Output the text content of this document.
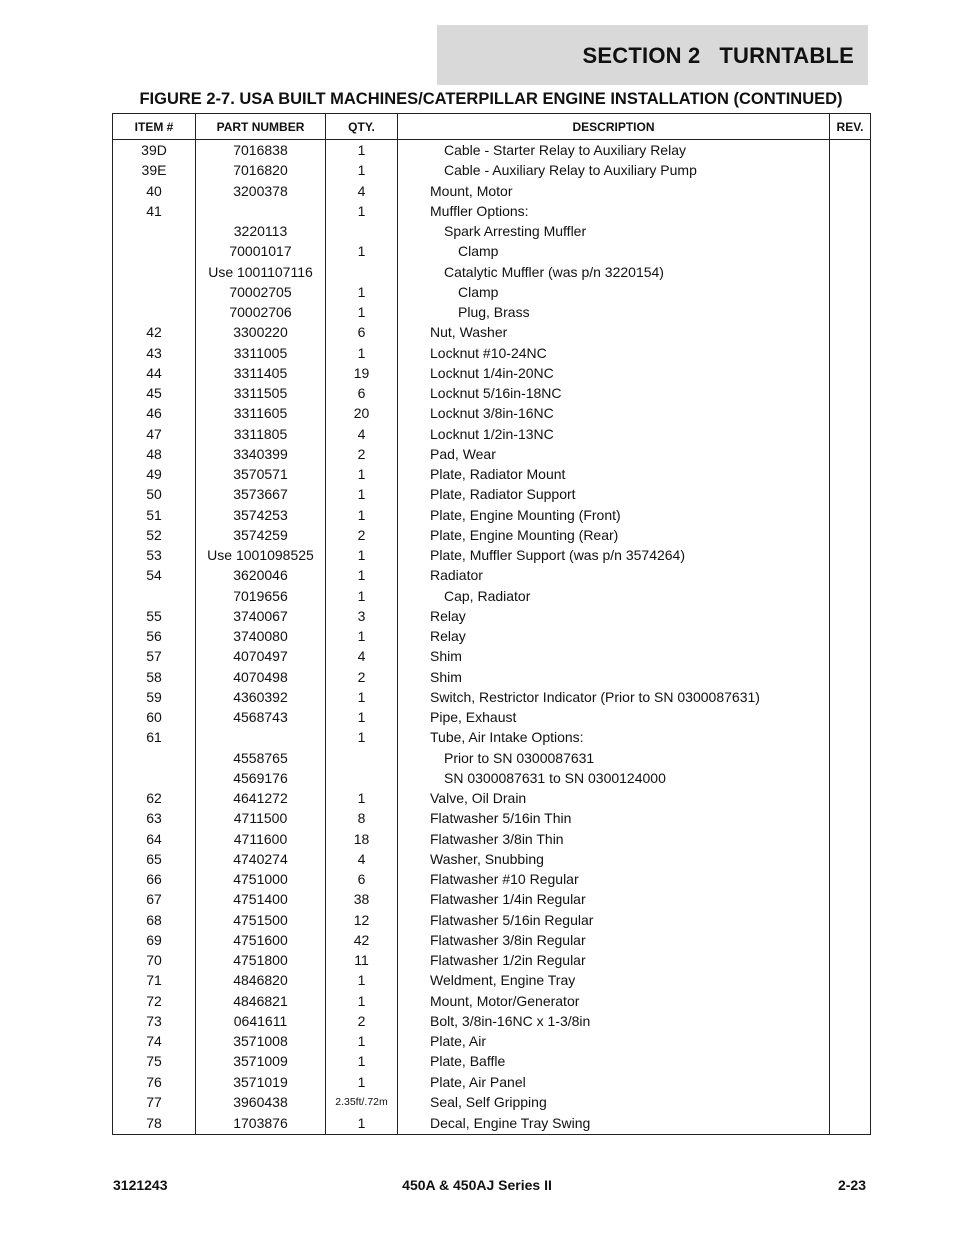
SECTION 2   TURNTABLE
FIGURE 2-7. USA BUILT MACHINES/CATERPILLAR ENGINE INSTALLATION (CONTINUED)
ITEM #	PART NUMBER	QTY.	DESCRIPTION	REV.
39D	7016838	1	Cable - Starter Relay to Auxiliary Relay	
39E	7016820	1	Cable - Auxiliary Relay to Auxiliary Pump	
40	3200378	4	Mount, Motor	
41		1	Muffler Options:	
	3220113		Spark Arresting Muffler	
	70001017	1	Clamp	
	Use 1001107116		Catalytic Muffler (was p/n 3220154)	
	70002705	1	Clamp	
	70002706	1	Plug, Brass	
42	3300220	6	Nut, Washer	
43	3311005	1	Locknut #10-24NC	
44	3311405	19	Locknut 1/4in-20NC	
45	3311505	6	Locknut 5/16in-18NC	
46	3311605	20	Locknut 3/8in-16NC	
47	3311805	4	Locknut 1/2in-13NC	
48	3340399	2	Pad, Wear	
49	3570571	1	Plate, Radiator Mount	
50	3573667	1	Plate, Radiator Support	
51	3574253	1	Plate, Engine Mounting (Front)	
52	3574259	2	Plate, Engine Mounting (Rear)	
53	Use 1001098525	1	Plate, Muffler Support (was p/n 3574264)	
54	3620046	1	Radiator	
	7019656	1	Cap, Radiator	
55	3740067	3	Relay	
56	3740080	1	Relay	
57	4070497	4	Shim	
58	4070498	2	Shim	
59	4360392	1	Switch, Restrictor Indicator (Prior to SN 0300087631)	
60	4568743	1	Pipe, Exhaust	
61		1	Tube, Air Intake Options:	
	4558765		Prior to SN 0300087631	
	4569176		SN 0300087631 to SN 0300124000	
62	4641272	1	Valve, Oil Drain	
63	4711500	8	Flatwasher 5/16in Thin	
64	4711600	18	Flatwasher 3/8in Thin	
65	4740274	4	Washer, Snubbing	
66	4751000	6	Flatwasher #10 Regular	
67	4751400	38	Flatwasher 1/4in Regular	
68	4751500	12	Flatwasher 5/16in Regular	
69	4751600	42	Flatwasher 3/8in Regular	
70	4751800	11	Flatwasher 1/2in Regular	
71	4846820	1	Weldment, Engine Tray	
72	4846821	1	Mount, Motor/Generator	
73	0641611	2	Bolt, 3/8in-16NC x 1-3/8in	
74	3571008	1	Plate, Air	
75	3571009	1	Plate, Baffle	
76	3571019	1	Plate, Air Panel	
77	3960438	2.35ft/.72m	Seal, Self Gripping	
78	1703876	1	Decal, Engine Tray Swing	
3121243	450A & 450AJ Series II	2-23
